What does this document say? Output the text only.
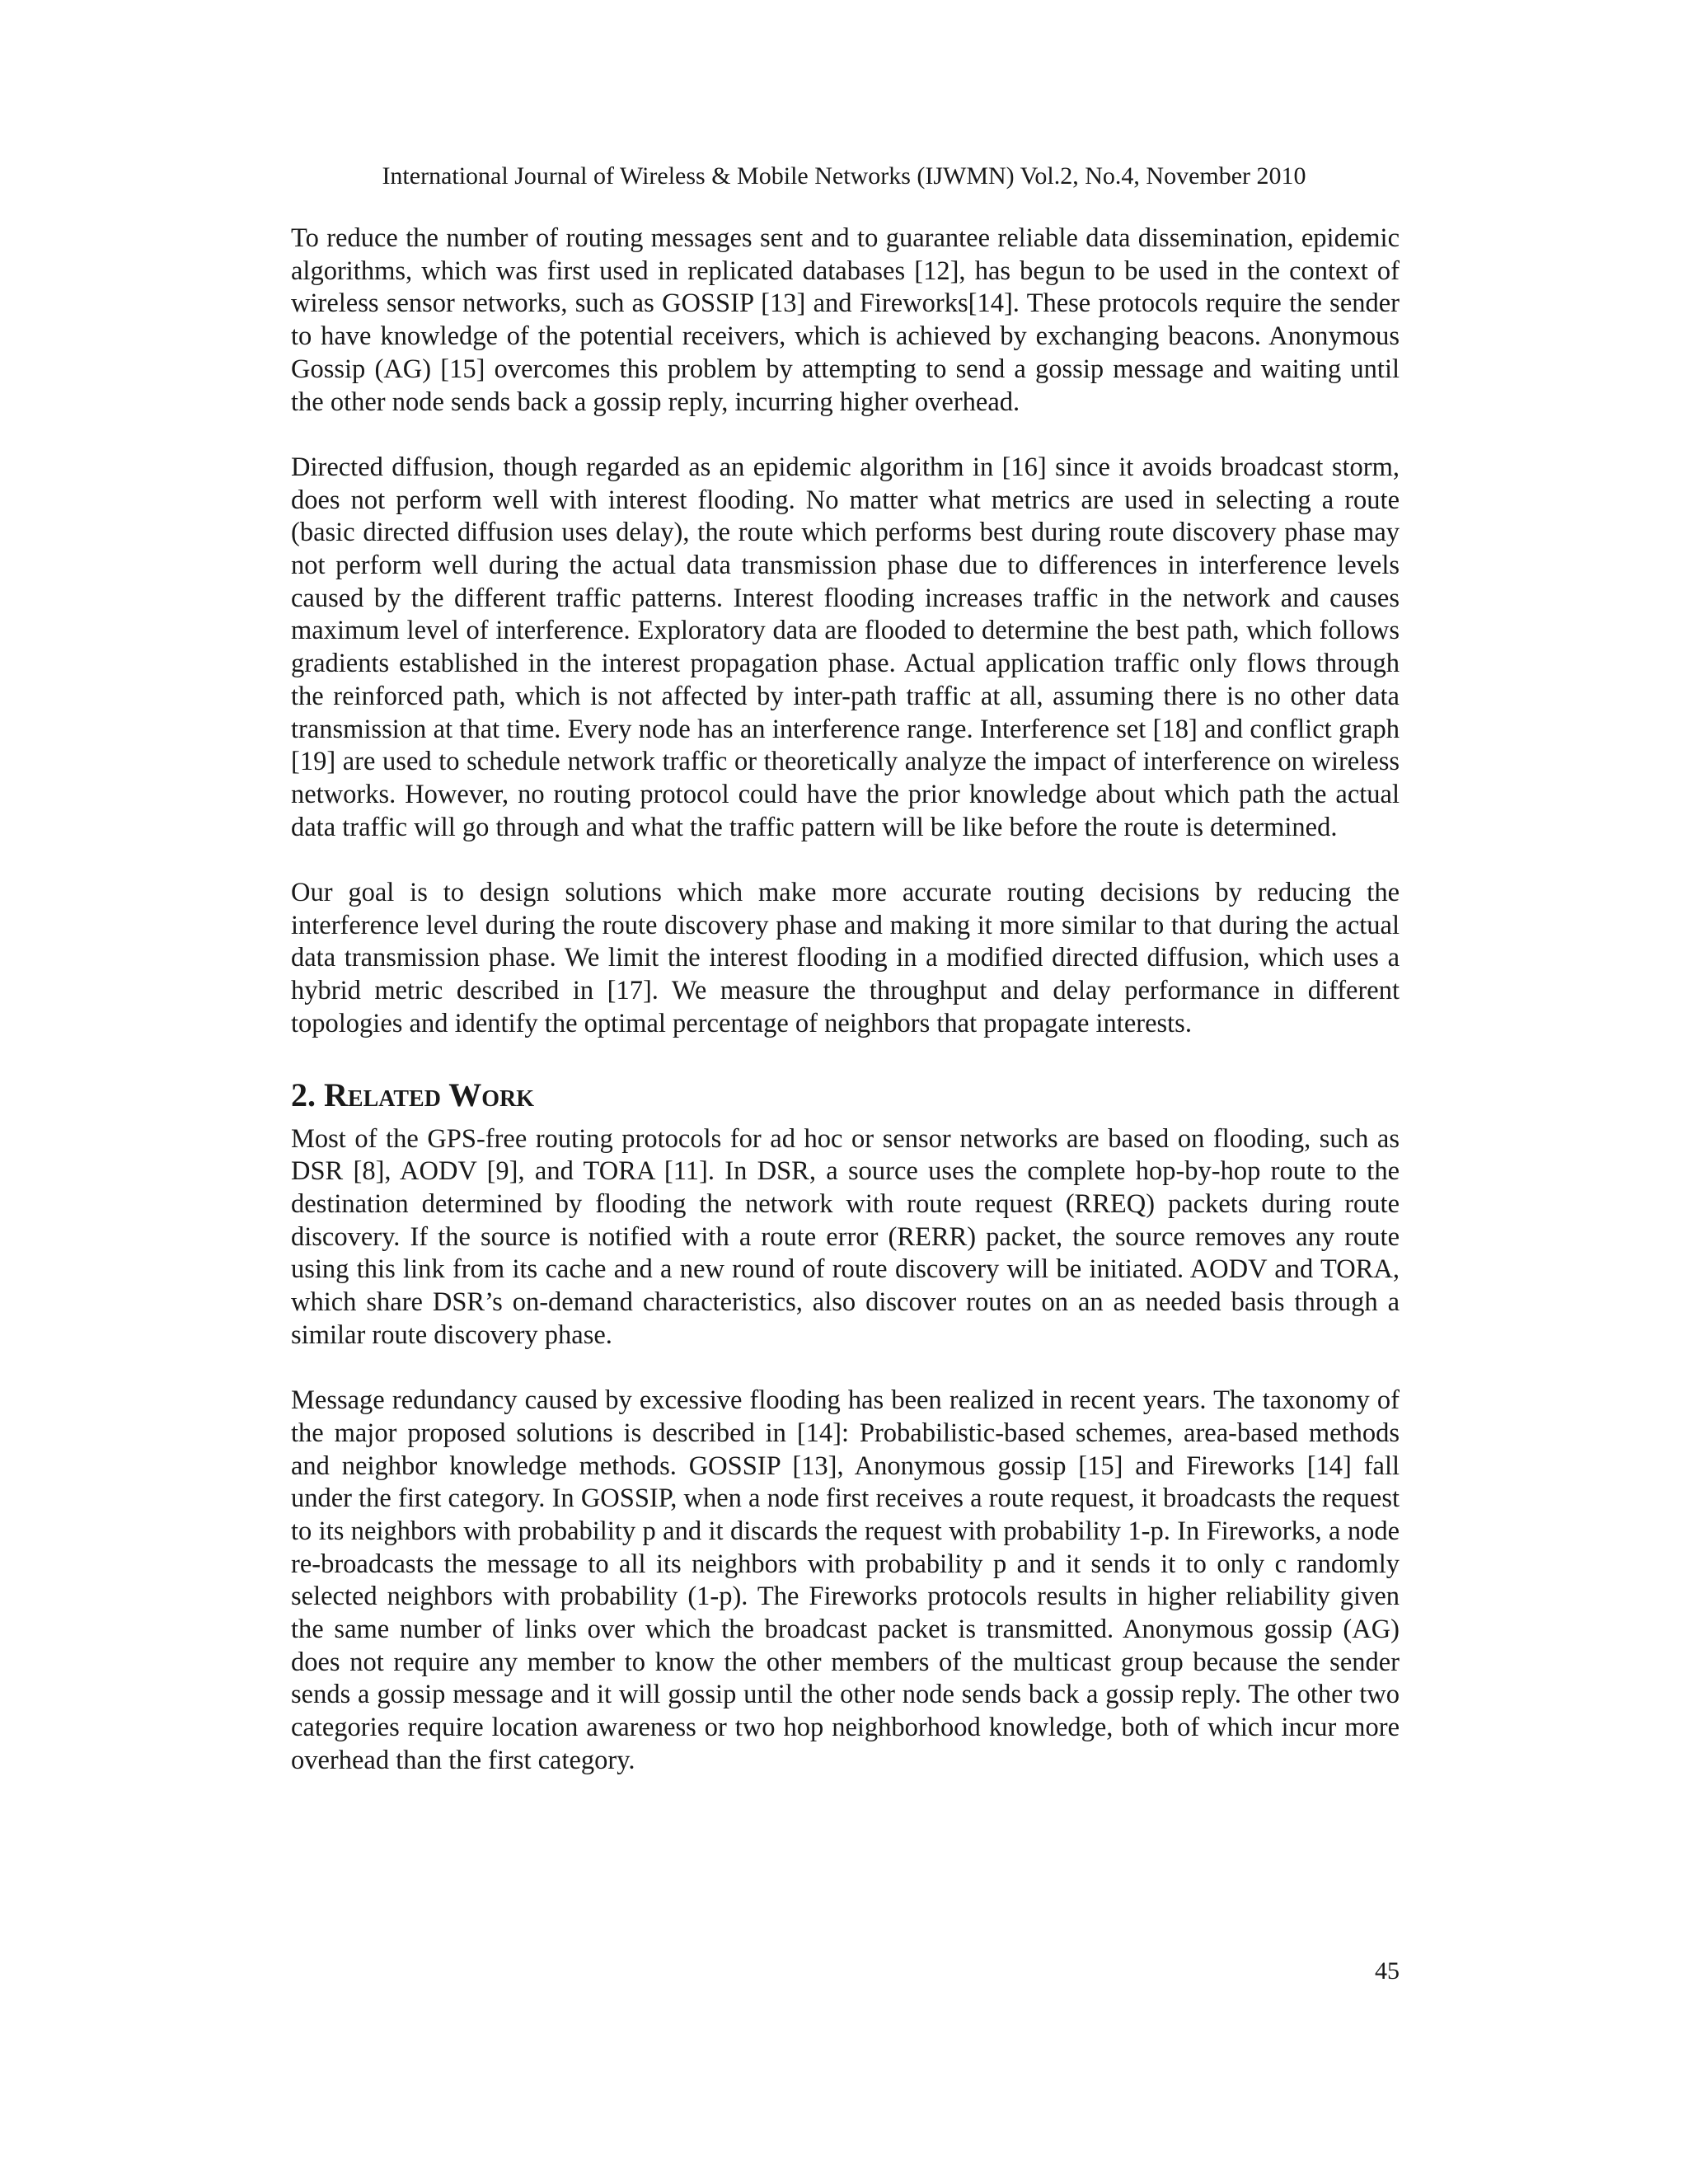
International Journal of Wireless & Mobile Networks (IJWMN) Vol.2, No.4, November 2010

To reduce the number of routing messages sent and to guarantee reliable data dissemination, epidemic algorithms, which was first used in replicated databases [12], has begun to be used in the context of wireless sensor networks, such as GOSSIP [13] and Fireworks[14]. These protocols require the sender to have knowledge of the potential receivers, which is achieved by exchanging beacons. Anonymous Gossip (AG) [15] overcomes this problem by attempting to send a gossip message and waiting until the other node sends back a gossip reply, incurring higher overhead.

Directed diffusion, though regarded as an epidemic algorithm in [16] since it avoids broadcast storm, does not perform well with interest flooding. No matter what metrics are used in selecting a route (basic directed diffusion uses delay), the route which performs best during route discovery phase may not perform well during the actual data transmission phase due to differences in interference levels caused by the different traffic patterns. Interest flooding increases traffic in the network and causes maximum level of interference. Exploratory data are flooded to determine the best path, which follows gradients established in the interest propagation phase. Actual application traffic only flows through the reinforced path, which is not affected by inter-path traffic at all, assuming there is no other data transmission at that time. Every node has an interference range. Interference set [18] and conflict graph [19] are used to schedule network traffic or theoretically analyze the impact of interference on wireless networks. However, no routing protocol could have the prior knowledge about which path the actual data traffic will go through and what the traffic pattern will be like before the route is determined.

Our goal is to design solutions which make more accurate routing decisions by reducing the interference level during the route discovery phase and making it more similar to that during the actual data transmission phase. We limit the interest flooding in a modified directed diffusion, which uses a hybrid metric described in [17]. We measure the throughput and delay performance in different topologies and identify the optimal percentage of neighbors that propagate interests.

2. Related Work

Most of the GPS-free routing protocols for ad hoc or sensor networks are based on flooding, such as DSR [8], AODV [9], and TORA [11]. In DSR, a source uses the complete hop-by-hop route to the destination determined by flooding the network with route request (RREQ) packets during route discovery. If the source is notified with a route error (RERR) packet, the source removes any route using this link from its cache and a new round of route discovery will be initiated. AODV and TORA, which share DSR’s on-demand characteristics, also discover routes on an as needed basis through a similar route discovery phase.

Message redundancy caused by excessive flooding has been realized in recent years. The taxonomy of the major proposed solutions is described in [14]: Probabilistic-based schemes, area-based methods and neighbor knowledge methods. GOSSIP [13], Anonymous gossip [15] and Fireworks [14] fall under the first category. In GOSSIP, when a node first receives a route request, it broadcasts the request to its neighbors with probability p and it discards the request with probability 1-p. In Fireworks, a node re-broadcasts the message to all its neighbors with probability p and it sends it to only c randomly selected neighbors with probability (1-p). The Fireworks protocols results in higher reliability given the same number of links over which the broadcast packet is transmitted. Anonymous gossip (AG) does not require any member to know the other members of the multicast group because the sender sends a gossip message and it will gossip until the other node sends back a gossip reply. The other two categories require location awareness or two hop neighborhood knowledge, both of which incur more overhead than the first category.

45
